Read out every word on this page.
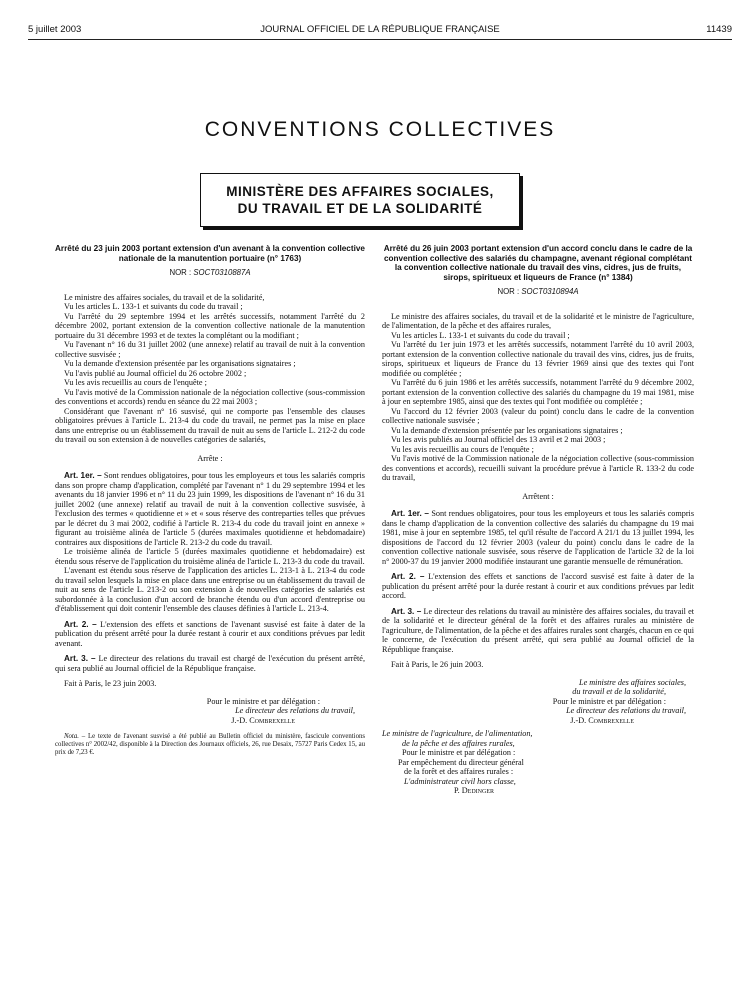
5 juillet 2003	JOURNAL OFFICIEL DE LA RÉPUBLIQUE FRANÇAISE	11439
CONVENTIONS COLLECTIVES
MINISTÈRE DES AFFAIRES SOCIALES,
DU TRAVAIL ET DE LA SOLIDARITÉ

Arrêté du 23 juin 2003 portant extension d'un avenant à la convention collective nationale de la manutention portuaire (n° 1763)

NOR : SOCT0310887A

Le ministre des affaires sociales, du travail et de la solidarité,

Vu les articles L. 133-1 et suivants du code du travail ;

Vu l'arrêté du 29 septembre 1994 et les arrêtés successifs, notamment l'arrêté du 2 décembre 2002, portant extension de la convention collective nationale de la manutention portuaire du 31 décembre 1993 et de textes la complétant ou la modifiant ;

Vu l'avenant n° 16 du 31 juillet 2002 (une annexe) relatif au travail de nuit à la convention collective susvisée ;

Vu la demande d'extension présentée par les organisations signataires ;

Vu l'avis publié au Journal officiel du 26 octobre 2002 ;

Vu les avis recueillis au cours de l'enquête ;

Vu l'avis motivé de la Commission nationale de la négociation collective (sous-commission des conventions et accords) rendu en séance du 22 mai 2003 ;

Considérant que l'avenant n° 16 susvisé, qui ne comporte pas l'ensemble des clauses obligatoires prévues à l'article L. 213-4 du code du travail, ne permet pas la mise en place dans une entreprise ou un établissement du travail de nuit au sens de l'article L. 212-2 du code du travail ou son extension à de nouvelles catégories de salariés,

Arrête :

Art. 1er. – Sont rendues obligatoires, pour tous les employeurs et tous les salariés compris dans son propre champ d'application, complété par l'avenant n° 1 du 29 septembre 1994 et les avenants du 18 janvier 1996 et n° 11 du 23 juin 1999, les dispositions de l'avenant n° 16 du 31 juillet 2002 (une annexe) relatif au travail de nuit à la convention collective susvisée, à l'exclusion des termes « quotidienne et » et « sous réserve des contreparties telles que prévues par le décret du 3 mai 2002, codifié à l'article R. 213-4 du code du travail joint en annexe » figurant au troisième alinéa de l'article 5 (durées maximales quotidienne et hebdomadaire) contraires aux dispositions de l'article R. 213-2 du code du travail.

Le troisième alinéa de l'article 5 (durées maximales quotidienne et hebdomadaire) est étendu sous réserve de l'application du troisième alinéa de l'article L. 213-3 du code du travail.

L'avenant est étendu sous réserve de l'application des articles L. 213-1 à L. 213-4 du code du travail selon lesquels la mise en place dans une entreprise ou un établissement du travail de nuit au sens de l'article L. 213-2 ou son extension à de nouvelles catégories de salariés est subordonnée à la conclusion d'un accord de branche étendu ou d'un accord d'entreprise ou d'établissement qui doit contenir l'ensemble des clauses définies à l'article L. 213-4.

Art. 2. – L'extension des effets et sanctions de l'avenant susvisé est faite à dater de la publication du présent arrêté pour la durée restant à courir et aux conditions prévues par ledit avenant.

Art. 3. – Le directeur des relations du travail est chargé de l'exécution du présent arrêté, qui sera publié au Journal officiel de la République française.

Fait à Paris, le 23 juin 2003.

Pour le ministre et par délégation :

Le directeur des relations du travail,

J.-D. Combrexelle

Nota. – Le texte de l'avenant susvisé a été publié au Bulletin officiel du ministère, fascicule conventions collectives n° 2002/42, disponible à la Direction des Journaux officiels, 26, rue Desaix, 75727 Paris Cedex 15, au prix de 7,23 €.

Arrêté du 26 juin 2003 portant extension d'un accord conclu dans le cadre de la convention collective des salariés du champagne, avenant régional complétant la convention collective nationale du travail des vins, cidres, jus de fruits, sirops, spiritueux et liqueurs de France (n° 1384)

NOR : SOCT0310894A

Le ministre des affaires sociales, du travail et de la solidarité et le ministre de l'agriculture, de l'alimentation, de la pêche et des affaires rurales,

Vu les articles L. 133-1 et suivants du code du travail ;

Vu l'arrêté du 1er juin 1973 et les arrêtés successifs, notamment l'arrêté du 10 avril 2003, portant extension de la convention collective nationale du travail des vins, cidres, jus de fruits, sirops, spiritueux et liqueurs de France du 13 février 1969 ainsi que des textes qui l'ont modifiée ou complétée ;

Vu l'arrêté du 6 juin 1986 et les arrêtés successifs, notamment l'arrêté du 9 décembre 2002, portant extension de la convention collective des salariés du champagne du 19 mai 1981, mise à jour en septembre 1985, ainsi que des textes qui l'ont modifiée ou complétée ;

Vu l'accord du 12 février 2003 (valeur du point) conclu dans le cadre de la convention collective nationale susvisée ;

Vu la demande d'extension présentée par les organisations signataires ;

Vu les avis publiés au Journal officiel des 13 avril et 2 mai 2003 ;

Vu les avis recueillis au cours de l'enquête ;

Vu l'avis motivé de la Commission nationale de la négociation collective (sous-commission des conventions et accords), recueilli suivant la procédure prévue à l'article R. 133-2 du code du travail,

Arrêtent :

Art. 1er. – Sont rendues obligatoires, pour tous les employeurs et tous les salariés compris dans le champ d'application de la convention collective des salariés du champagne du 19 mai 1981, mise à jour en septembre 1985, tel qu'il résulte de l'accord A 21/1 du 13 juillet 1994, les dispositions de l'accord du 12 février 2003 (valeur du point) conclu dans le cadre de la convention collective nationale susvisée, sous réserve de l'application de l'article 32 de la loi n° 2000-37 du 19 janvier 2000 modifiée instaurant une garantie mensuelle de rémunération.

Art. 2. – L'extension des effets et sanctions de l'accord susvisé est faite à dater de la publication du présent arrêté pour la durée restant à courir et aux conditions prévues par ledit accord.

Art. 3. – Le directeur des relations du travail au ministère des affaires sociales, du travail et de la solidarité et le directeur général de la forêt et des affaires rurales au ministère de l'agriculture, de l'alimentation, de la pêche et des affaires rurales sont chargés, chacun en ce qui le concerne, de l'exécution du présent arrêté, qui sera publié au Journal officiel de la République française.

Fait à Paris, le 26 juin 2003.

Le ministre des affaires sociales,

du travail et de la solidarité,

Pour le ministre et par délégation :

Le directeur des relations du travail,

J.-D. Combrexelle

Le ministre de l'agriculture, de l'alimentation,

de la pêche et des affaires rurales,

Pour le ministre et par délégation :

Par empêchement du directeur général

de la forêt et des affaires rurales :

L'administrateur civil hors classe,

P. Dedinger
